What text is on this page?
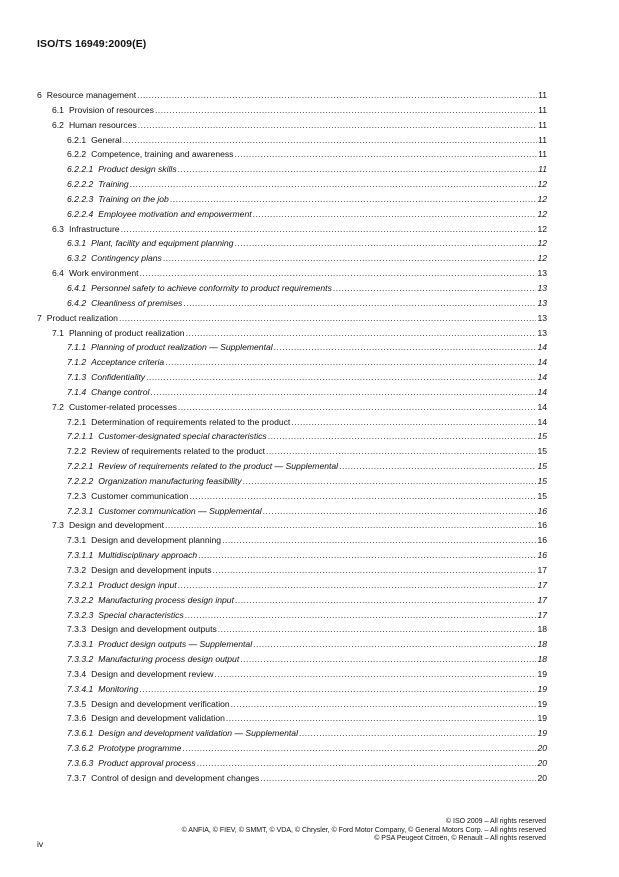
ISO/TS 16949:2009(E)
6 Resource management .....	11
6.1 Provision of resources .....	11
6.2 Human resources .....	11
6.2.1 General .....	11
6.2.2 Competence, training and awareness .....	11
6.2.2.1 Product design skills .....	11
6.2.2.2 Training .....	12
6.2.2.3 Training on the job .....	12
6.2.2.4 Employee motivation and empowerment .....	12
6.3 Infrastructure .....	12
6.3.1 Plant, facility and equipment planning .....	12
6.3.2 Contingency plans .....	12
6.4 Work environment .....	13
6.4.1 Personnel safety to achieve conformity to product requirements .....	13
6.4.2 Cleanliness of premises .....	13
7 Product realization .....	13
7.1 Planning of product realization .....	13
7.1.1 Planning of product realization — Supplemental .....	14
7.1.2 Acceptance criteria .....	14
7.1.3 Confidentiality .....	14
7.1.4 Change control .....	14
7.2 Customer-related processes .....	14
7.2.1 Determination of requirements related to the product .....	14
7.2.1.1 Customer-designated special characteristics .....	15
7.2.2 Review of requirements related to the product .....	15
7.2.2.1 Review of requirements related to the product — Supplemental .....	15
7.2.2.2 Organization manufacturing feasibility .....	15
7.2.3 Customer communication .....	15
7.2.3.1 Customer communication — Supplemental .....	16
7.3 Design and development .....	16
7.3.1 Design and development planning .....	16
7.3.1.1 Multidisciplinary approach .....	16
7.3.2 Design and development inputs .....	17
7.3.2.1 Product design input .....	17
7.3.2.2 Manufacturing process design input .....	17
7.3.2.3 Special characteristics .....	17
7.3.3 Design and development outputs .....	18
7.3.3.1 Product design outputs — Supplemental .....	18
7.3.3.2 Manufacturing process design output .....	18
7.3.4 Design and development review .....	19
7.3.4.1 Monitoring .....	19
7.3.5 Design and development verification .....	19
7.3.6 Design and development validation .....	19
7.3.6.1 Design and development validation — Supplemental .....	19
7.3.6.2 Prototype programme .....	20
7.3.6.3 Product approval process .....	20
7.3.7 Control of design and development changes .....	20
© ISO 2009 – All rights reserved
© ANFIA, © FIEV, © SMMT, © VDA, © Chrysler, © Ford Motor Company, © General Motors Corp. – All rights reserved
© PSA Peugeot Citroën, © Renault – All rights reserved
iv
